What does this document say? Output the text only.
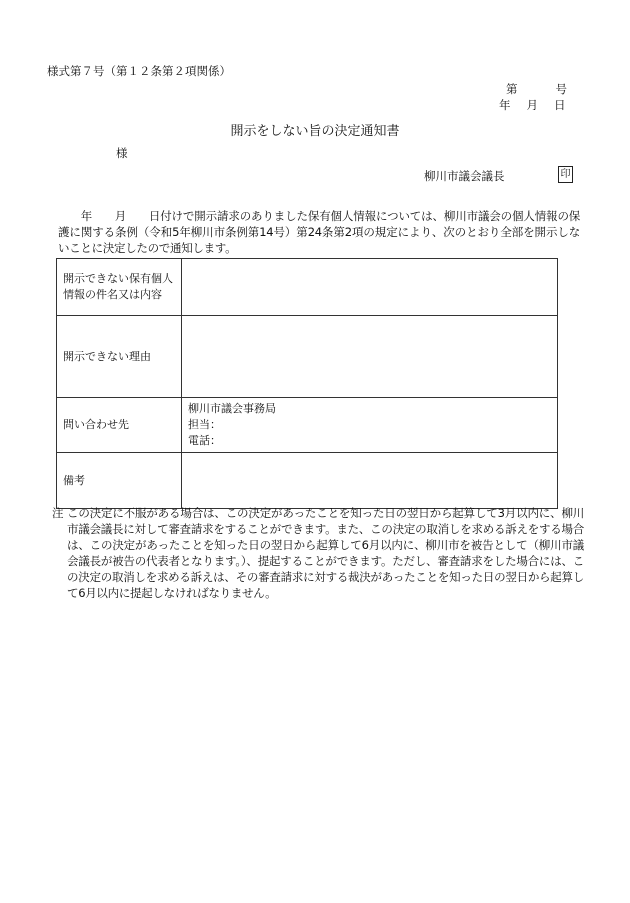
様式第７号（第１２条第２項関係）
第	号
年 月 日
開示をしない旨の決定通知書
様
柳川市議会議長	印
　　年　　月　　日付けで開示請求のありました保有個人情報については、柳川市議会の個人情報の保護に関する条例（令和5年柳川市条例第14号）第24条第2項の規定により、次のとおり全部を開示しないことに決定したので通知します。
開示できない保有個人情報の件名又は内容	
開示できない理由	
問い合わせ先	柳川市議会事務局
担当：
電話：

備考	
注 この決定に不服がある場合は、この決定があったことを知った日の翌日から起算して3月以内に、柳川市議会議長に対して審査請求をすることができます。また、この決定の取消しを求める訴えをする場合は、この決定があったことを知った日の翌日から起算して6月以内に、柳川市を被告として（柳川市議会議長が被告の代表者となります。）、提起することができます。ただし、審査請求をした場合には、この決定の取消しを求める訴えは、その審査請求に対する裁決があったことを知った日の翌日から起算して6月以内に提起しなければなりません。
